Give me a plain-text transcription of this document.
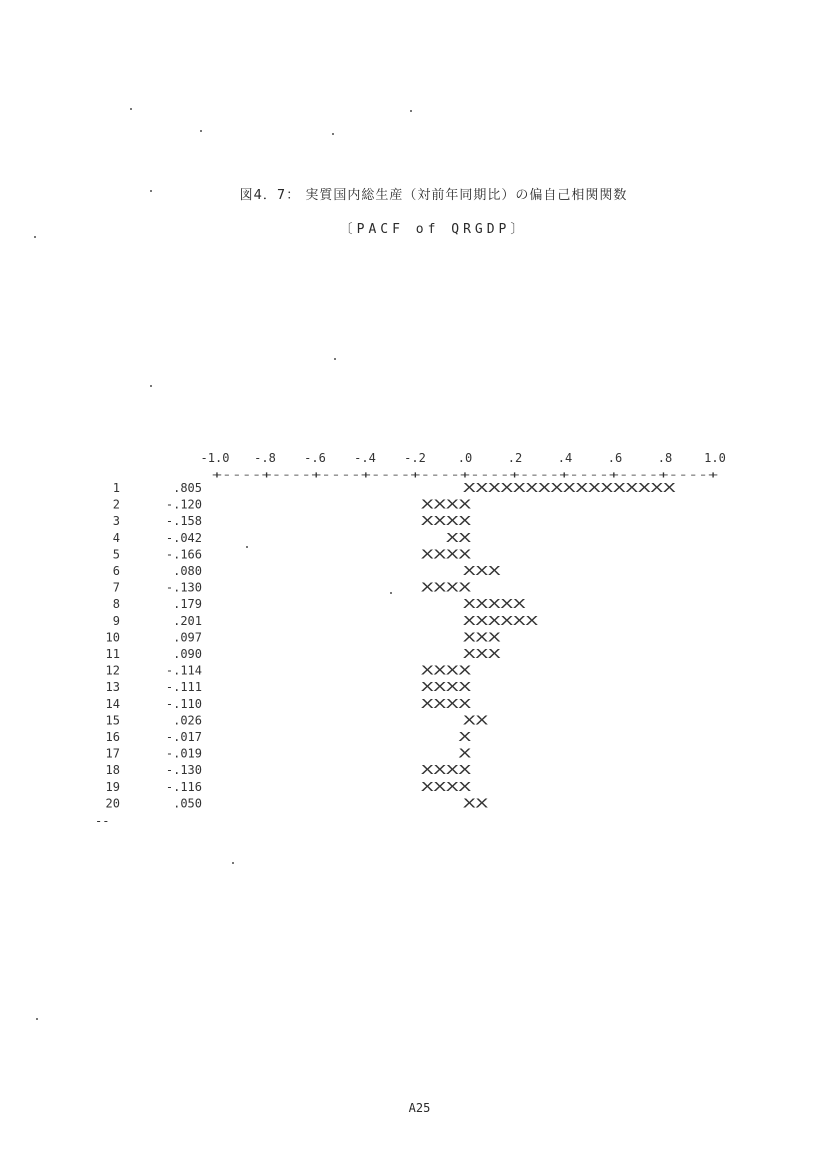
図4．7： 実質国内総生産（対前年同期比）の偏自己相関関数
〔PACF of QRGDP〕
-1.0 -.8 -.6 -.4 -.2	.0	.2	.4	.6	.8	1.0
+----+----+----+----+----+----+----+----+----+----+
1	.805	XXXXXXXXXXXXXXXXX
2	-.120	XXXX
3	-.158	XXXX
4	-.042	XX
5	-.166	XXXX
6	.080	XXX
7	-.130	XXXX
8	.179	XXXXX
9	.201	XXXXXX
10	.097	XXX
11	.090	XXX
12	-.114	XXXX
13	-.111	XXXX
14	-.110	XXXX
15	.026	XX
16	-.017	X
17	-.019	X
18	-.130	XXXX
19	-.116	XXXX
20	.050	XX
--
A25
